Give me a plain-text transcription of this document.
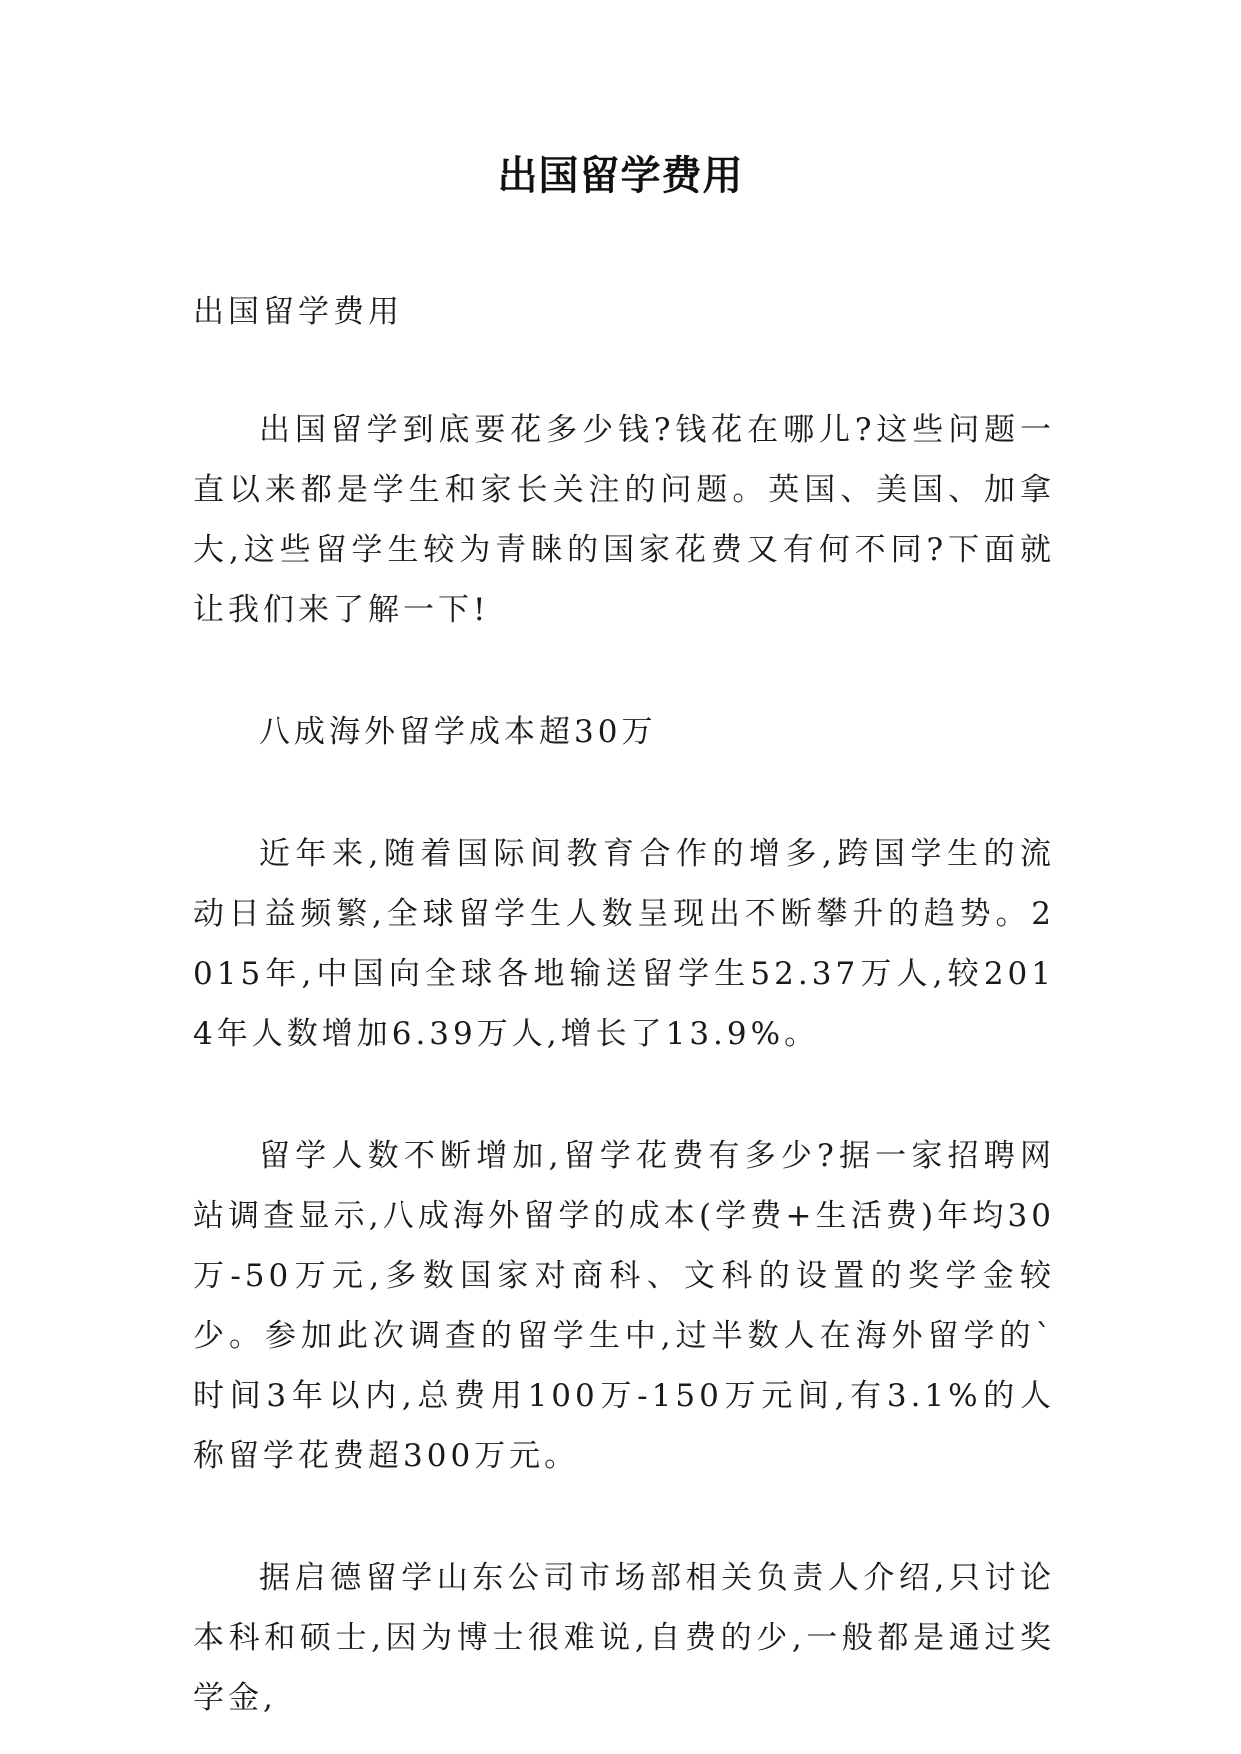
出国留学费用

出国留学费用

出国留学到底要花多少钱?钱花在哪儿?这些问题一直以来都是学生和家长关注的问题。英国、美国、加拿大,这些留学生较为青睐的国家花费又有何不同?下面就让我们来了解一下!

八成海外留学成本超30万

近年来,随着国际间教育合作的增多,跨国学生的流动日益频繁,全球留学生人数呈现出不断攀升的趋势。2015年,中国向全球各地输送留学生52.37万人,较2014年人数增加6.39万人,增长了13.9%。

留学人数不断增加,留学花费有多少?据一家招聘网站调查显示,八成海外留学的成本(学费+生活费)年均30万-50万元,多数国家对商科、文科的设置的奖学金较少。参加此次调查的留学生中,过半数人在海外留学的`时间3年以内,总费用100万-150万元间,有3.1%的人称留学花费超300万元。

据启德留学山东公司市场部相关负责人介绍,只讨论本科和硕士,因为博士很难说,自费的少,一般都是通过奖学金,
